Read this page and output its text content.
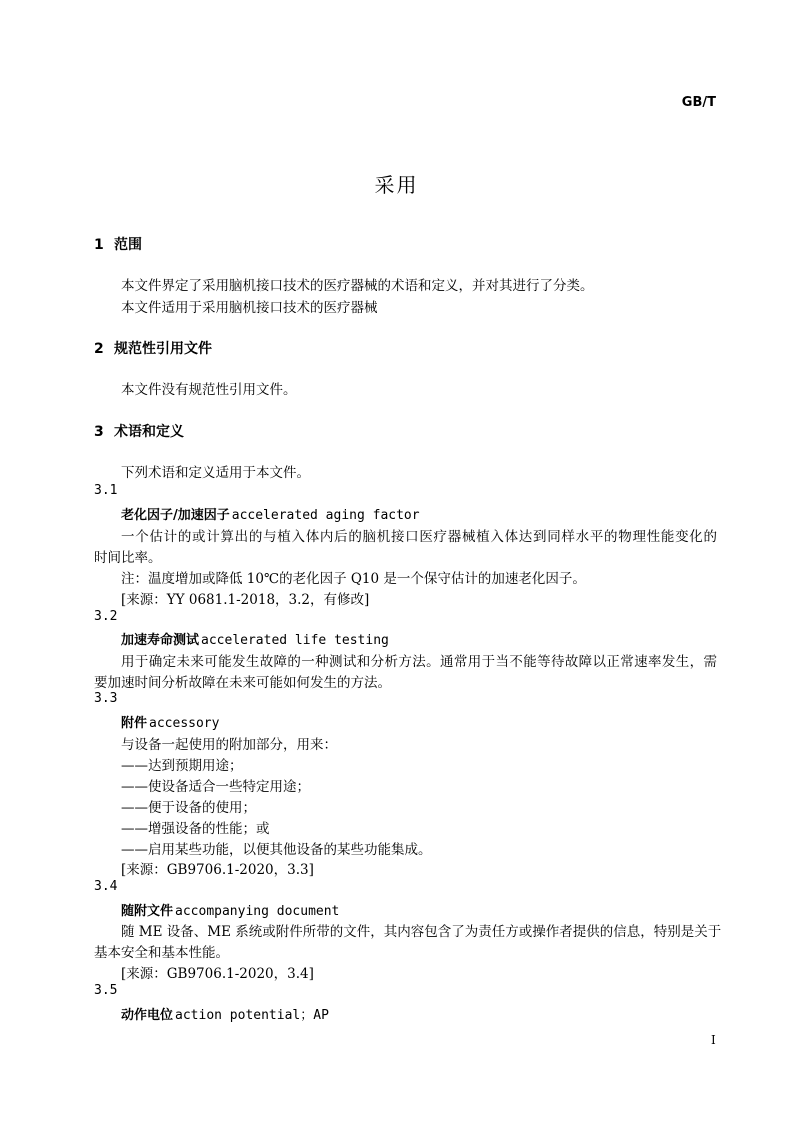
GB/T
采用
1 范围
本文件界定了采用脑机接口技术的医疗器械的术语和定义，并对其进行了分类。
本文件适用于采用脑机接口技术的医疗器械
2 规范性引用文件
本文件没有规范性引用文件。
3 术语和定义
下列术语和定义适用于本文件。
3.1
老化因子/加速因子 accelerated aging factor
一个估计的或计算出的与植入体内后的脑机接口医疗器械植入体达到同样水平的物理性能变化的
时间比率。
注：温度增加或降低 10℃的老化因子 Q10 是一个保守估计的加速老化因子。
[来源：YY 0681.1-2018，3.2，有修改]
3.2
加速寿命测试 accelerated life testing
用于确定未来可能发生故障的一种测试和分析方法。通常用于当不能等待故障以正常速率发生，需
要加速时间分析故障在未来可能如何发生的方法。
3.3
附件 accessory
与设备一起使用的附加部分，用来：
——达到预期用途；
——使设备适合一些特定用途；
——便于设备的使用；
——增强设备的性能；或
——启用某些功能，以便其他设备的某些功能集成。
[来源：GB9706.1-2020，3.3]
3.4
随附文件 accompanying document
随 ME 设备、ME 系统或附件所带的文件，其内容包含了为责任方或操作者提供的信息，特别是关于
基本安全和基本性能。
[来源：GB9706.1-2020，3.4]
3.5
动作电位 action potential；AP
I
